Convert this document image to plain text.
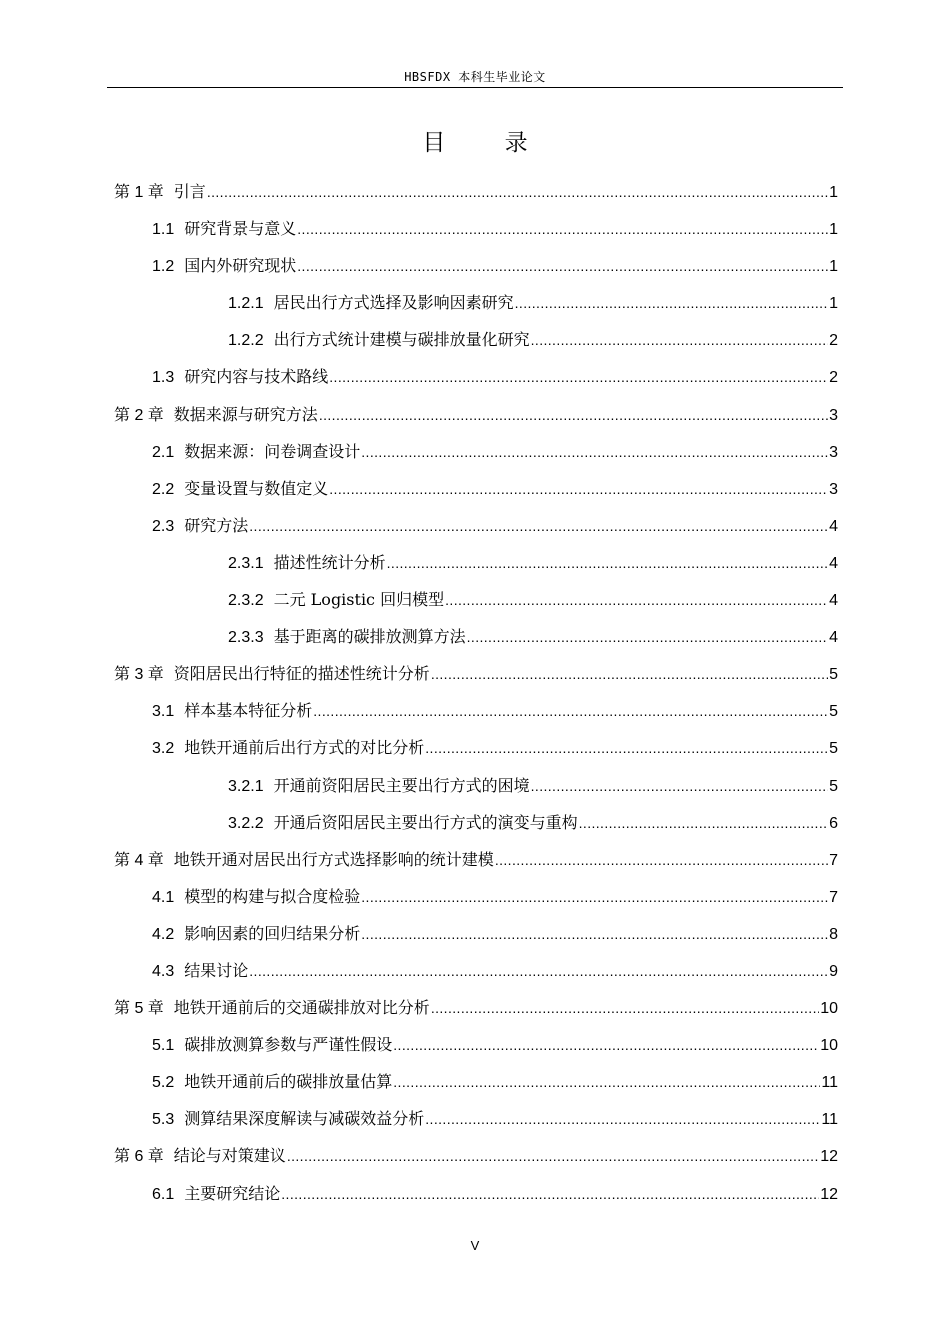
HBSFDX 本科生毕业论文
目 录
第 1 章 引言 .....	1
1.1 研究背景与意义 .....	1
1.2 国内外研究现状 .....	1
1.2.1 居民出行方式选择及影响因素研究 .....	1
1.2.2 出行方式统计建模与碳排放量化研究 .....	2
1.3 研究内容与技术路线 .....	2
第 2 章 数据来源与研究方法 .....	3
2.1 数据来源：问卷调查设计 .....	3
2.2 变量设置与数值定义 .....	3
2.3 研究方法 .....	4
2.3.1 描述性统计分析 .....	4
2.3.2 二元 Logistic 回归模型 .....	4
2.3.3 基于距离的碳排放测算方法 .....	4
第 3 章 资阳居民出行特征的描述性统计分析 .....	5
3.1 样本基本特征分析 .....	5
3.2 地铁开通前后出行方式的对比分析 .....	5
3.2.1 开通前资阳居民主要出行方式的困境 .....	5
3.2.2 开通后资阳居民主要出行方式的演变与重构 .....	6
第 4 章 地铁开通对居民出行方式选择影响的统计建模 .....	7
4.1 模型的构建与拟合度检验 .....	7
4.2 影响因素的回归结果分析 .....	8
4.3 结果讨论 .....	9
第 5 章 地铁开通前后的交通碳排放对比分析 .....	10
5.1 碳排放测算参数与严谨性假设 .....	10
5.2 地铁开通前后的碳排放量估算 .....	11
5.3 测算结果深度解读与减碳效益分析 .....	11
第 6 章 结论与对策建议 .....	12
6.1 主要研究结论 .....	12
V
